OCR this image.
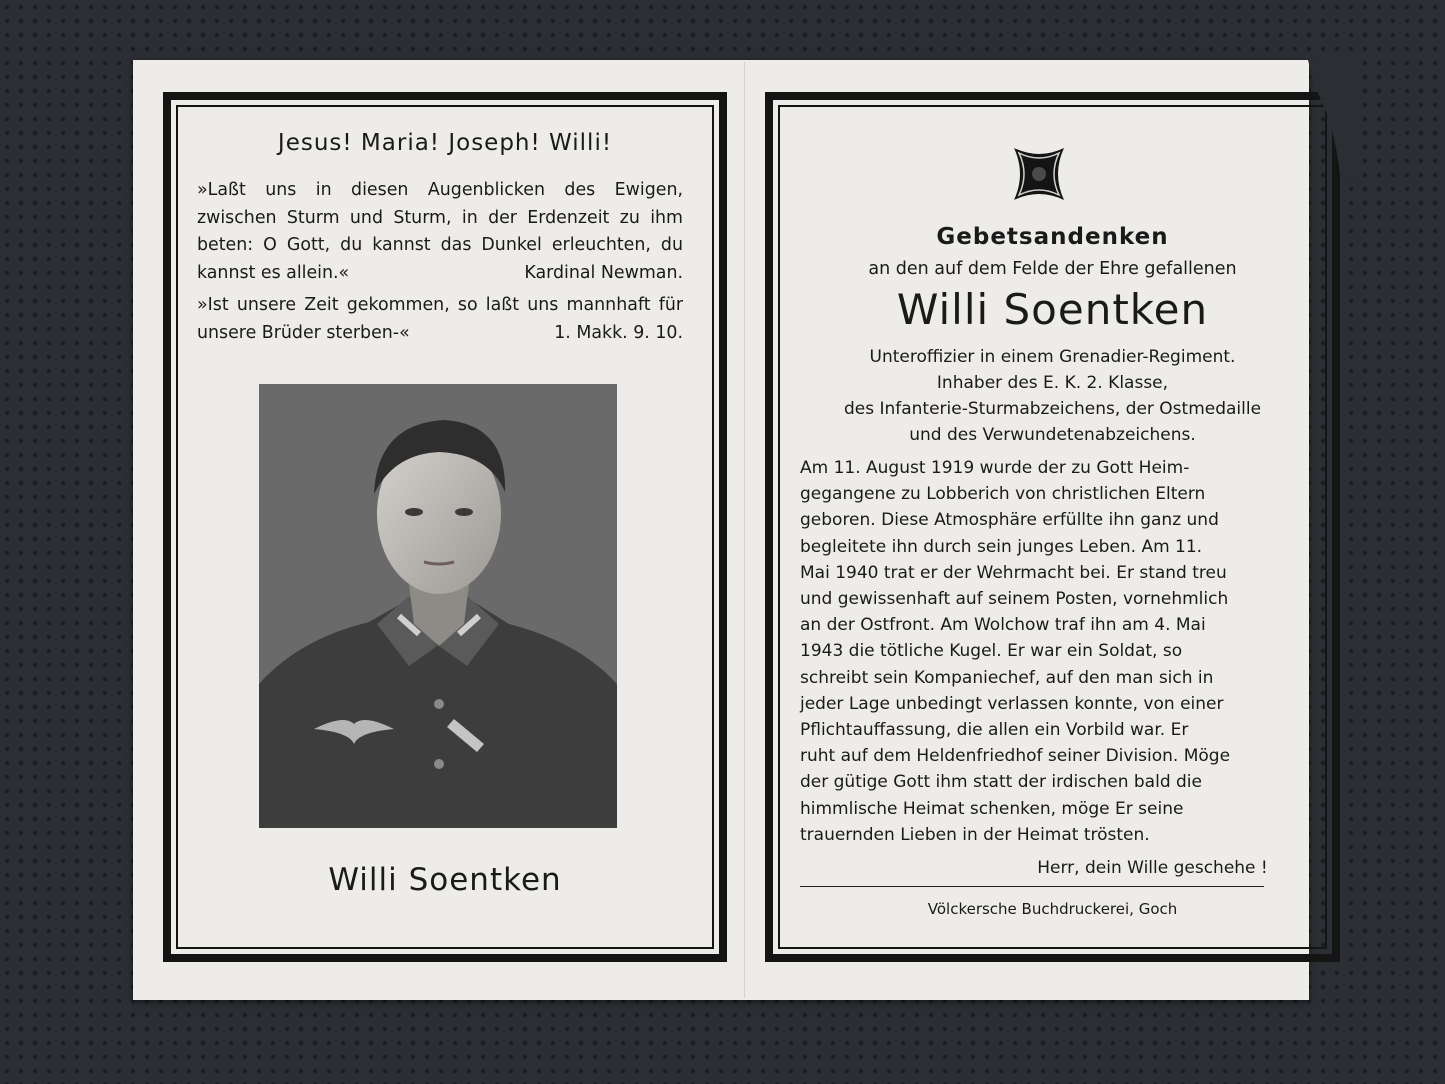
Jesus! Maria! Joseph! Willi!
»Laßt uns in diesen Augenblicken des Ewigen, zwischen Sturm und Sturm, in der Erdenzeit zu ihm beten: O Gott, du kannst das Dunkel erleuchten, du kannst es allein.«	Kardinal Newman.
»Ist unsere Zeit gekommen, so laßt uns mannhaft für unsere Brüder sterben-«	1. Makk. 9. 10.
Willi Soentken
Gebetsandenken
an den auf dem Felde der Ehre gefallenen
Willi Soentken
Unteroffizier in einem Grenadier-Regiment.
Inhaber des E. K. 2. Klasse,
des Infanterie-Sturmabzeichens, der Ostmedaille
und des Verwundetenabzeichens.
Am 11. August 1919 wurde der zu Gott Heim-
gegangene zu Lobberich von christlichen Eltern
geboren. Diese Atmosphäre erfüllte ihn ganz und
begleitete ihn durch sein junges Leben. Am 11.
Mai 1940 trat er der Wehrmacht bei. Er stand treu
und gewissenhaft auf seinem Posten, vornehmlich
an der Ostfront. Am Wolchow traf ihn am 4. Mai
1943 die tötliche Kugel. Er war ein Soldat, so
schreibt sein Kompaniechef, auf den man sich in
jeder Lage unbedingt verlassen konnte, von einer
Pflichtauffassung, die allen ein Vorbild war. Er
ruht auf dem Heldenfriedhof seiner Division. Möge
der gütige Gott ihm statt der irdischen bald die
himmlische Heimat schenken, möge Er seine
trauernden Lieben in der Heimat trösten.
Herr, dein Wille geschehe !
Völckersche Buchdruckerei, Goch
